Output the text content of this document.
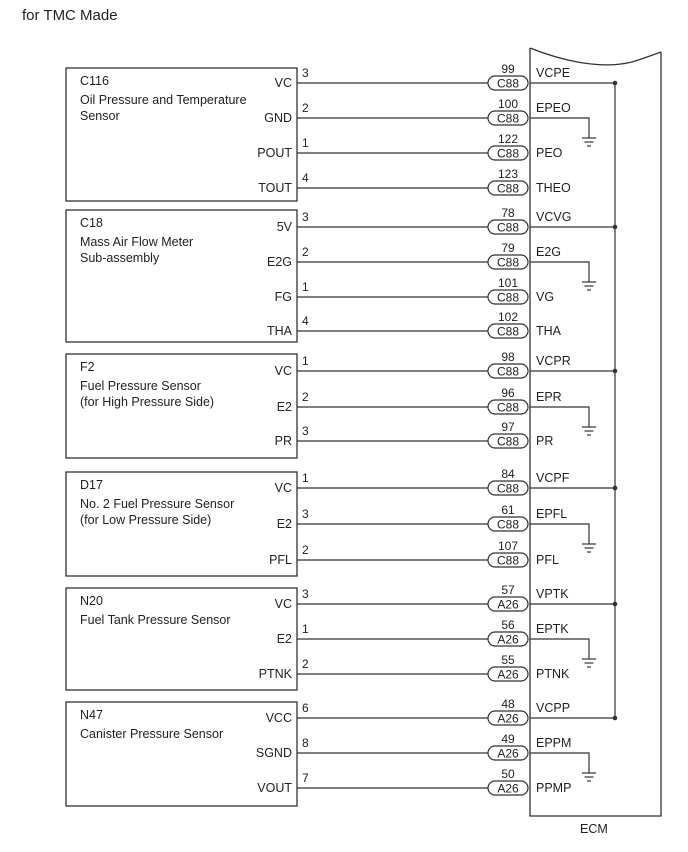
for TMC Made
ECM
C116
Oil Pressure and Temperature
Sensor
VC
3	99
C88
VCPE
GND
2	100
C88
EPEO
POUT
1	122
C88 PEO
TOUT
4	123
C88 THEO
C18
Mass Air Flow Meter
Sub-assembly
5V
3	78
C88
VCVG
E2G
2	79
C88
E2G
FG
1	101
C88 VG
THA
4	102
C88 THA
F2
Fuel Pressure Sensor
(for High Pressure Side)
VC
1	98
C88
VCPR
E2
2	96
C88
EPR
PR
3	97
C88 PR
D17
No. 2 Fuel Pressure Sensor
(for Low Pressure Side)
VC
1	84
C88
VCPF
E2
3	61
C88
EPFL
PFL
2	107
C88 PFL
N20
Fuel Tank Pressure Sensor
VC
3	57
A26
VPTK
E2
1	56
A26
EPTK
PTNK
2	55
A26 PTNK
N47
Canister Pressure Sensor
VCC
6	48
A26
VCPP
SGND
8	49
A26
EPPM
VOUT
7	50
A26 PPMP
